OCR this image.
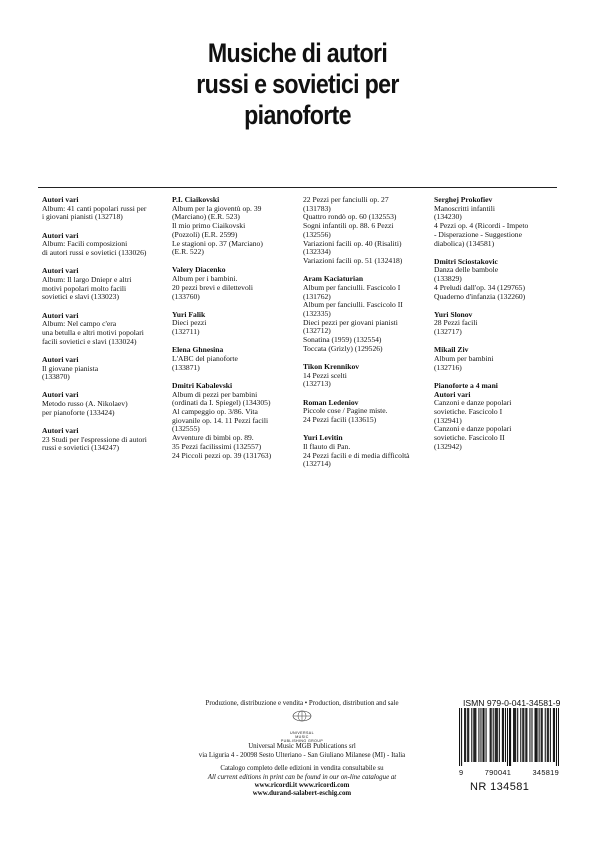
Musiche di autori
russi e sovietici per
pianoforte
Autori vari
Album: 41 canti popolari russi per
i giovani pianisti (132718)
Autori vari
Album: Facili composizioni
di autori russi e sovietici (133026)
Autori vari
Album: Il largo Dniepr e altri
motivi popolari molto facili
sovietici e slavi (133023)
Autori vari
Album: Nel campo c'era
una betulla e altri motivi popolari
facili sovietici e slavi (133024)
Autori vari
Il giovane pianista
(133870)
Autori vari
Metodo russo (A. Nikolaev)
per pianoforte (133424)
Autori vari
23 Studi per l'espressione di autori
russi e sovietici (134247)
P.I. Ciaikovski
Album per la gioventù op. 39
(Marciano) (E.R. 523)
Il mio primo Ciaikovski
(Pozzoli) (E.R. 2599)
Le stagioni op. 37 (Marciano)
(E.R. 522)
Valery Diacenko
Album per i bambini.
20 pezzi brevi e dilettevoli
(133760)
Yuri Falik
Dieci pezzi
(132711)
Elena Ghnesina
L'ABC del pianoforte
(133871)
Dmitri Kabalevski
Album di pezzi per bambini
(ordinati da I. Spiegel) (134305)
Al campeggio op. 3/86. Vita
giovanile op. 14. 11 Pezzi facili
(132555)
Avventure di bimbi op. 89.
35 Pezzi facilissimi (132557)
24 Piccoli pezzi op. 39 (131763)
22 Pezzi per fanciulli op. 27
(131783)
Quattro rondò op. 60 (132553)
Sogni infantili op. 88. 6 Pezzi
(132556)
Variazioni facili op. 40 (Risaliti)
(132334)
Variazioni facili op. 51 (132418)
Aram Kaciaturian
Album per fanciulli. Fascicolo I
(131762)
Album per fanciulli. Fascicolo II
(132335)
Dieci pezzi per giovani pianisti
(132712)
Sonatina (1959) (132554)
Toccata (Grizly) (129526)
Tikon Krennikov
14 Pezzi scelti
(132713)
Roman Ledeniov
Piccole cose / Pagine miste.
24 Pezzi facili (133615)
Yuri Levitin
Il flauto di Pan.
24 Pezzi facili e di media difficoltà
(132714)
Serghej Prokofiev
Manoscritti infantili
(134230)
4 Pezzi op. 4 (Ricordi - Impeto
- Disperazione - Suggestione
diabolica) (134581)
Dmitri Sciostakovic
Danza delle bambole
(133829)
4 Preludi dall'op. 34 (129765)
Quaderno d'infanzia (132260)
Yuri Slonov
28 Pezzi facili
(132717)
Mikail Ziv
Album per bambini
(132716)
Pianoforte a 4 mani
Autori vari
Canzoni e danze popolari
sovietiche. Fascicolo I
(132941)
Canzoni e danze popolari
sovietiche. Fascicolo II
(132942)
Produzione, distribuzione e vendita • Production, distribution and sale
UNIVERSAL
MUSIC
PUBLISHING GROUP
Universal Music MGB Publications srl
via Liguria 4 - 20098 Sesto Ulteriano - San Giuliano Milanese (MI) - Italia
Catalogo completo delle edizioni in vendita consultabile su
All current editions in print can be found in our on-line catalogue at
www.ricordi.it www.ricordi.com
www.durand-salabert-eschig.com
ISMN 979-0-041-34581-9
9	790041	345819
NR 134581
